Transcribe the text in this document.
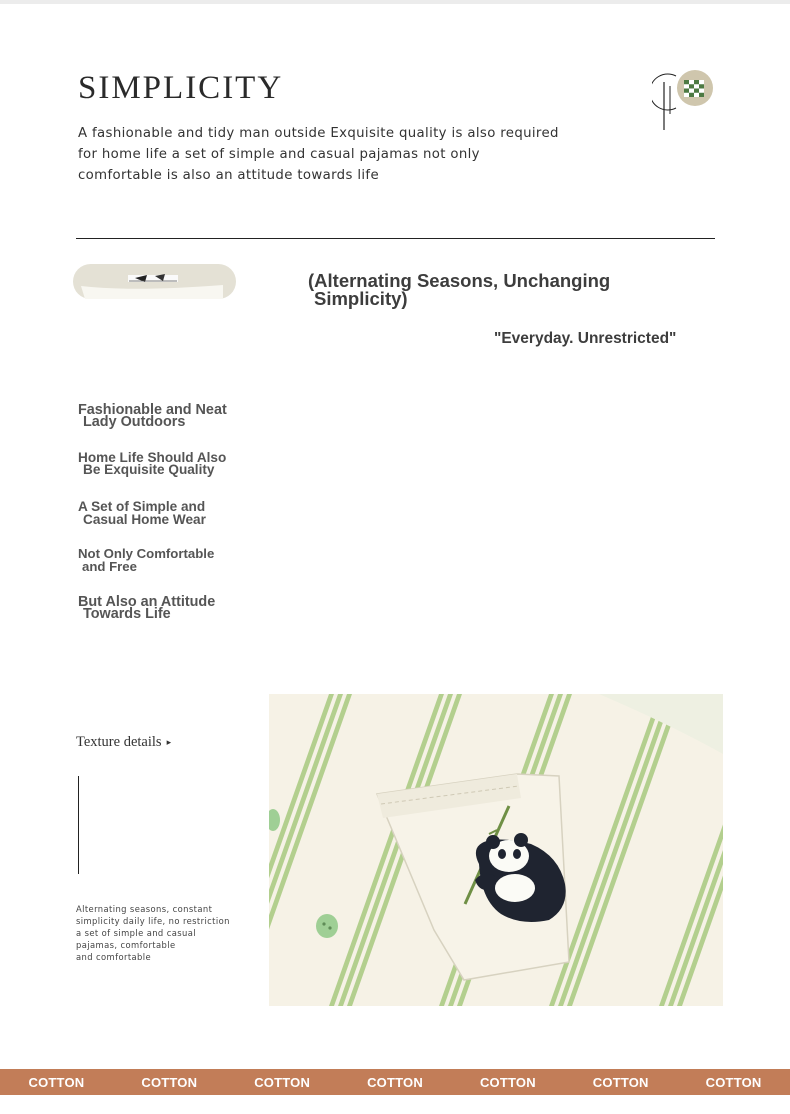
SIMPLICITY
A fashionable and tidy man outside Exquisite quality is also required
for home life a set of simple and casual pajamas not only
comfortable is also an attitude towards life
(Alternating Seasons, Unchanging
Simplicity)
"Everyday. Unrestricted"
Fashionable and Neat
Lady Outdoors
Home Life Should Also
Be Exquisite Quality
A Set of Simple and
Casual Home Wear
Not Only Comfortable
and Free
But Also an Attitude
Towards Life
Texture details ▸
Alternating seasons, constant
simplicity daily life, no restriction
a set of simple and casual
pajamas, comfortable
and comfortable
COTTON	COTTON	COTTON	COTTON	COTTON	COTTON	COTTON
